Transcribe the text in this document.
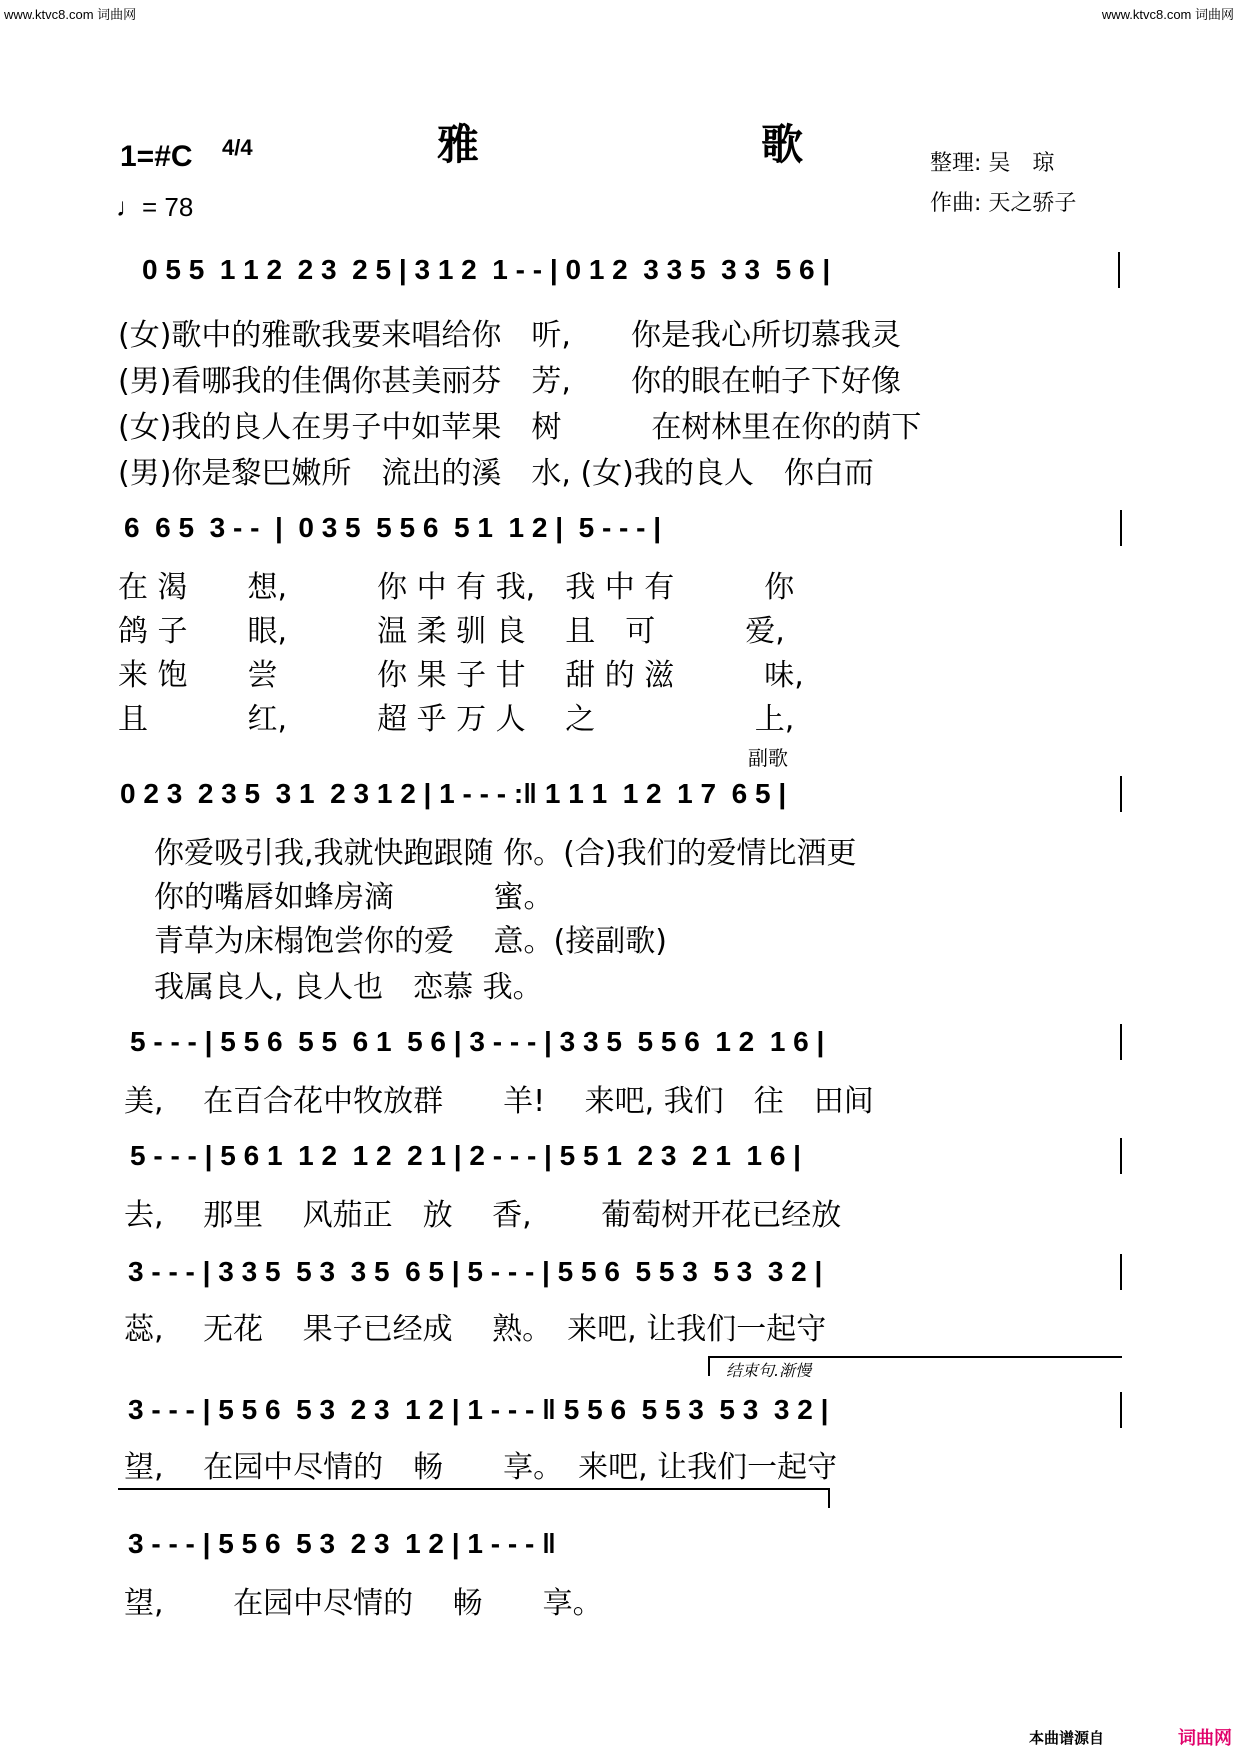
www.ktvc8.com 词曲网	www.ktvc8.com 词曲网
雅　歌
1=#C 4/4
♩= 78
整理: 吴　琼
作曲: 天之骄子
0 5 5  1 1 2  2 3  2 5 | 3 1 2  1 - - | 0 1 2  3 3 5  3 3  5 6 |
(女)歌中的雅歌我要来唱给你　听,　　你是我心所切慕我灵
(男)看哪我的佳偶你甚美丽芬　芳,　　你的眼在帕子下好像
(女)我的良人在男子中如苹果　树　　　在树林里在你的荫下
(男)你是黎巴嫩所　流出的溪　水, (女)我的良人　你白而
6  6 5  3 - -  |  0 3 5  5 5 6  5 1  1 2 |  5 - - - |
在 渴　　想,　　　你 中 有 我,　我 中 有　　　你
鸽 子　　眼,　　　温 柔 驯 良　 且　可　　　爱,
来 饱　　尝　　　 你 果 子 甘　 甜 的 滋　　　味,
且　　　 红,　　　超 乎 万 人　 之　　　　　 上,
副歌
0 2 3  2 3 5  3 1  2 3 1 2 | 1 - - - :‖ 1 1 1  1 2  1 7  6 5 |
你爱吸引我,我就快跑跟随 你。(合)我们的爱情比酒更
你的嘴唇如蜂房滴　　　 蜜。
青草为床榻饱尝你的爱　 意。(接副歌)
我属良人, 良人也　恋慕 我。
5 - - - | 5 5 6  5 5  6 1  5 6 | 3 - - - | 3 3 5  5 5 6  1 2  1 6 |
美,　 在百合花中牧放群　　羊!　 来吧, 我们　往　田间
5 - - - | 5 6 1  1 2  1 2  2 1 | 2 - - - | 5 5 1  2 3  2 1  1 6 |
去,　 那里　 风茄正　放　 香,　　 葡萄树开花已经放
3 - - - | 3 3 5  5 3  3 5  6 5 | 5 - - - | 5 5 6  5 5 3  5 3  3 2 |
蕊,　 无花　 果子已经成　 熟。　来吧, 让我们一起守
结束句.渐慢
3 - - - | 5 5 6  5 3  2 3  1 2 | 1 - - - ‖ 5 5 6  5 5 3  5 3  3 2 |
望,　 在园中尽情的　畅　　享。　来吧, 让我们一起守
3 - - - | 5 5 6  5 3  2 3  1 2 | 1 - - - ‖
望,　　 在园中尽情的　 畅　　享。
本曲谱源自	词曲网
